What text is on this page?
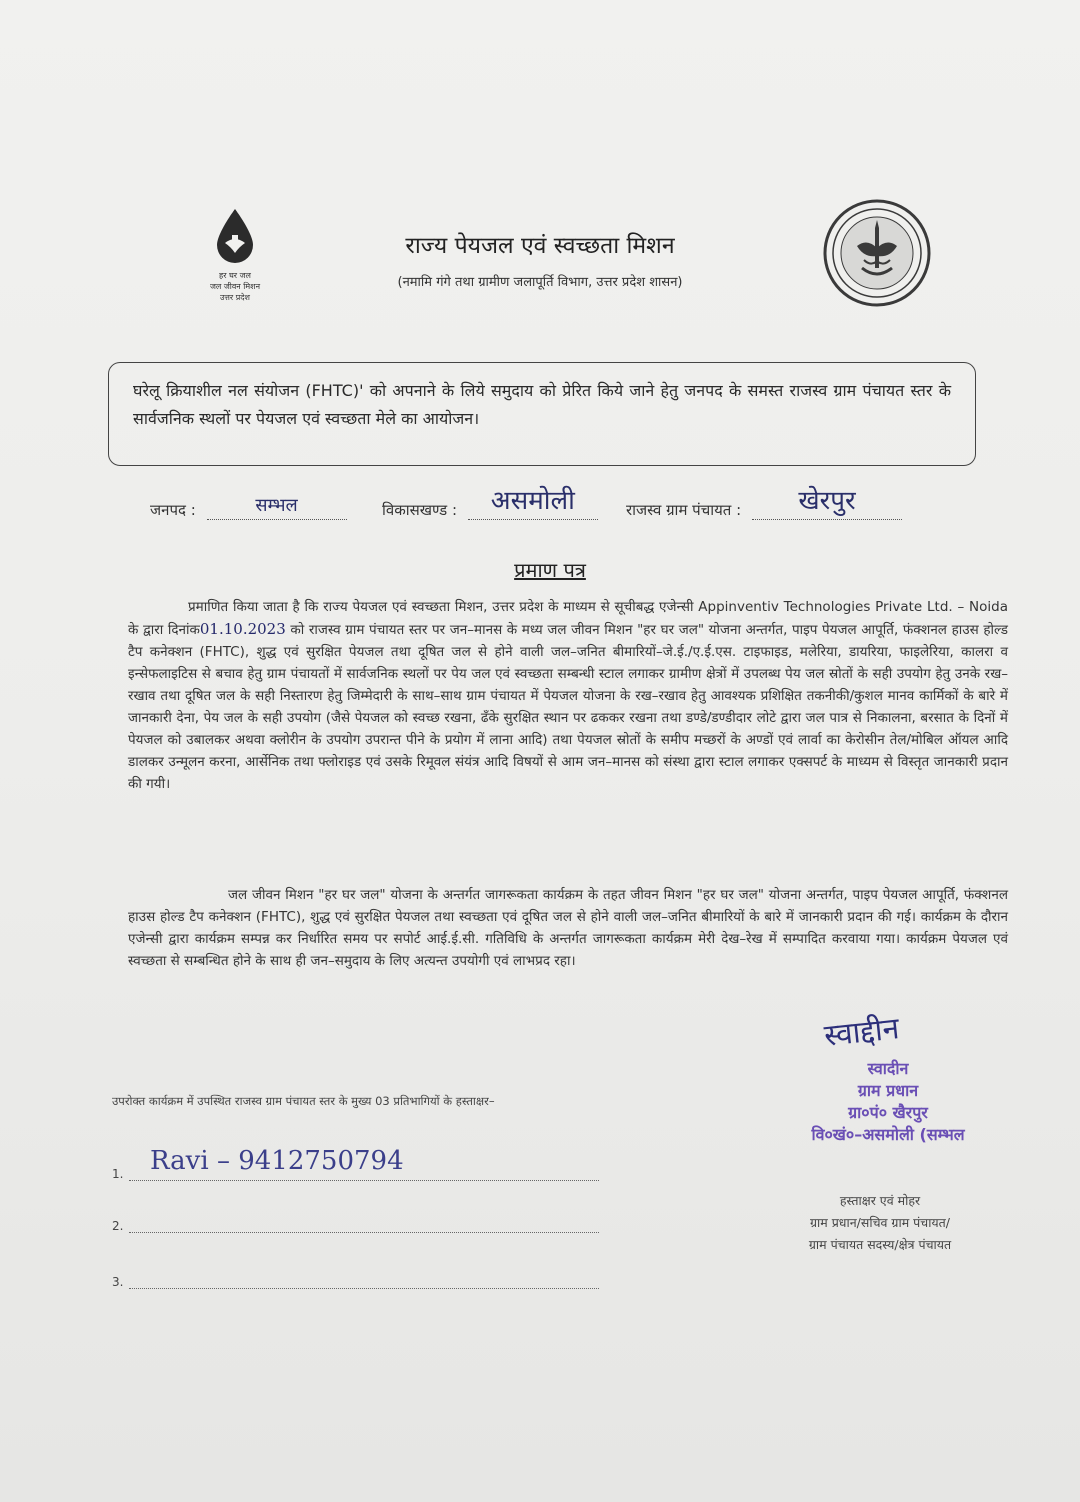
हर घर जल
जल जीवन मिशन
उत्तर प्रदेश
राज्य पेयजल एवं स्वच्छता मिशन
(नमामि गंगे तथा ग्रामीण जलापूर्ति विभाग, उत्तर प्रदेश शासन)
घरेलू क्रियाशील नल संयोजन (FHTC)' को अपनाने के लिये समुदाय को प्रेरित किये जाने हेतु जनपद के समस्त राजस्व ग्राम पंचायत स्तर के सार्वजनिक स्थलों पर पेयजल एवं स्वच्छता मेले का आयोजन।
जनपद :	सम्भल	विकासखण्ड :	असमोली	राजस्व ग्राम पंचायत :	खेरपुर
प्रमाण पत्र
प्रमाणित किया जाता है कि राज्य पेयजल एवं स्वच्छता मिशन, उत्तर प्रदेश के माध्यम से सूचीबद्ध एजेन्सी Appinventiv Technologies Private Ltd. – Noida के द्वारा दिनांक01.10.2023 को राजस्व ग्राम पंचायत स्तर पर जन–मानस के मध्य जल जीवन मिशन "हर घर जल" योजना अन्तर्गत, पाइप पेयजल आपूर्ति, फंक्शनल हाउस होल्ड टैप कनेक्शन (FHTC), शुद्ध एवं सुरक्षित पेयजल तथा दूषित जल से होने वाली जल–जनित बीमारियों–जे.ई./ए.ई.एस. टाइफाइड, मलेरिया, डायरिया, फाइलेरिया, कालरा व इन्सेफलाइटिस से बचाव हेतु ग्राम पंचायतों में सार्वजनिक स्थलों पर पेय जल एवं स्वच्छता सम्बन्धी स्टाल लगाकर ग्रामीण क्षेत्रों में उपलब्ध पेय जल स्रोतों के सही उपयोग हेतु उनके रख–रखाव तथा दूषित जल के सही निस्तारण हेतु जिम्मेदारी के साथ–साथ ग्राम पंचायत में पेयजल योजना के रख–रखाव हेतु आवश्यक प्रशिक्षित तकनीकी/कुशल मानव कार्मिकों के बारे में जानकारी देना, पेय जल के सही उपयोग (जैसे पेयजल को स्वच्छ रखना, ढँके सुरक्षित स्थान पर ढककर रखना तथा डण्डे/डण्डीदार लोटे द्वारा जल पात्र से निकालना, बरसात के दिनों में पेयजल को उबालकर अथवा क्लोरीन के उपयोग उपरान्त पीने के प्रयोग में लाना आदि) तथा पेयजल स्रोतों के समीप मच्छरों के अण्डों एवं लार्वा का केरोसीन तेल/मोबिल ऑयल आदि डालकर उन्मूलन करना, आर्सेनिक तथा फ्लोराइड एवं उसके रिमूवल संयंत्र आदि विषयों से आम जन–मानस को संस्था द्वारा स्टाल लगाकर एक्सपर्ट के माध्यम से विस्तृत जानकारी प्रदान की गयी।
जल जीवन मिशन "हर घर जल" योजना के अन्तर्गत जागरूकता कार्यक्रम के तहत जीवन मिशन "हर घर जल" योजना अन्तर्गत, पाइप पेयजल आपूर्ति, फंक्शनल हाउस होल्ड टैप कनेक्शन (FHTC), शुद्ध एवं सुरक्षित पेयजल तथा स्वच्छता एवं दूषित जल से होने वाली जल–जनित बीमारियों के बारे में जानकारी प्रदान की गई। कार्यक्रम के दौरान एजेन्सी द्वारा कार्यक्रम सम्पन्न कर निर्धारित समय पर सपोर्ट आई.ई.सी. गतिविधि के अन्तर्गत जागरूकता कार्यक्रम मेरी देख–रेख में सम्पादित करवाया गया। कार्यक्रम पेयजल एवं स्वच्छता से सम्बन्धित होने के साथ ही जन–समुदाय के लिए अत्यन्त उपयोगी एवं लाभप्रद रहा।
स्वाद्दीन
स्वादीन
ग्राम प्रधान
ग्रा०पं० खैरपुर
वि०खं०–असमोली (सम्भल
हस्ताक्षर एवं मोहर
ग्राम प्रधान/सचिव ग्राम पंचायत/
ग्राम पंचायत सदस्य/क्षेत्र पंचायत
उपरोक्त कार्यक्रम में उपस्थित राजस्व ग्राम पंचायत स्तर के मुख्य 03 प्रतिभागियों के हस्ताक्षर–
1.	Ravi – 9412750794
2.
3.
